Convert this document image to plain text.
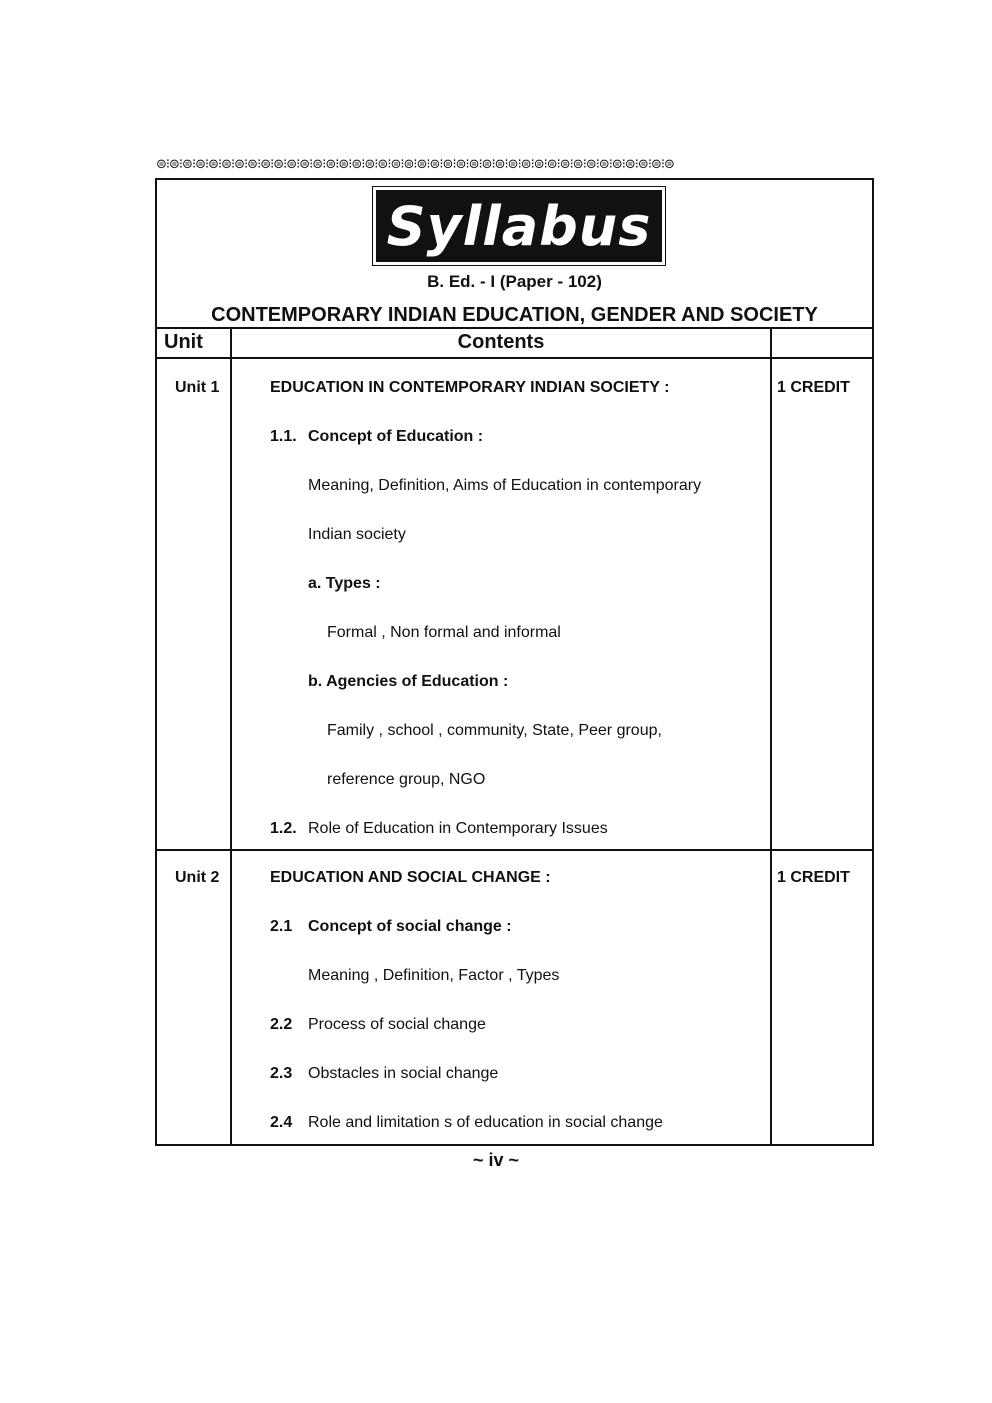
⊜⁝⊜⁝⊜⁝⊜⁝⊜⁝⊜⁝⊜⁝⊜⁝⊜⁝⊜⁝⊜⁝⊜⁝⊜⁝⊜⁝⊜⁝⊜⁝⊜⁝⊜⁝⊜⁝⊜⁝⊜⁝⊜⁝⊜⁝⊜⁝⊜⁝⊜⁝⊜⁝⊜⁝⊜⁝⊜⁝⊜⁝⊜⁝⊜⁝⊜⁝⊜⁝⊜⁝⊜⁝⊜⁝⊜⁝⊜
Syllabus
B. Ed. - I (Paper - 102)
CONTEMPORARY INDIAN EDUCATION, GENDER AND SOCIETY
Unit	Contents
Unit 1	EDUCATION IN CONTEMPORARY INDIAN SOCIETY :	1 CREDIT
1.1. Concept of Education :
Meaning, Definition, Aims of Education in contemporary
Indian society
a. Types :
Formal , Non formal and informal
b. Agencies of Education :
Family , school , community, State, Peer group,
reference group, NGO
1.2. Role of Education in Contemporary Issues
Unit 2	EDUCATION AND SOCIAL CHANGE :	1 CREDIT
2.1 Concept of social change :
Meaning , Definition, Factor , Types
2.2 Process of social change
2.3 Obstacles in social change
2.4 Role and limitation s of education in social change
~ iv ~
